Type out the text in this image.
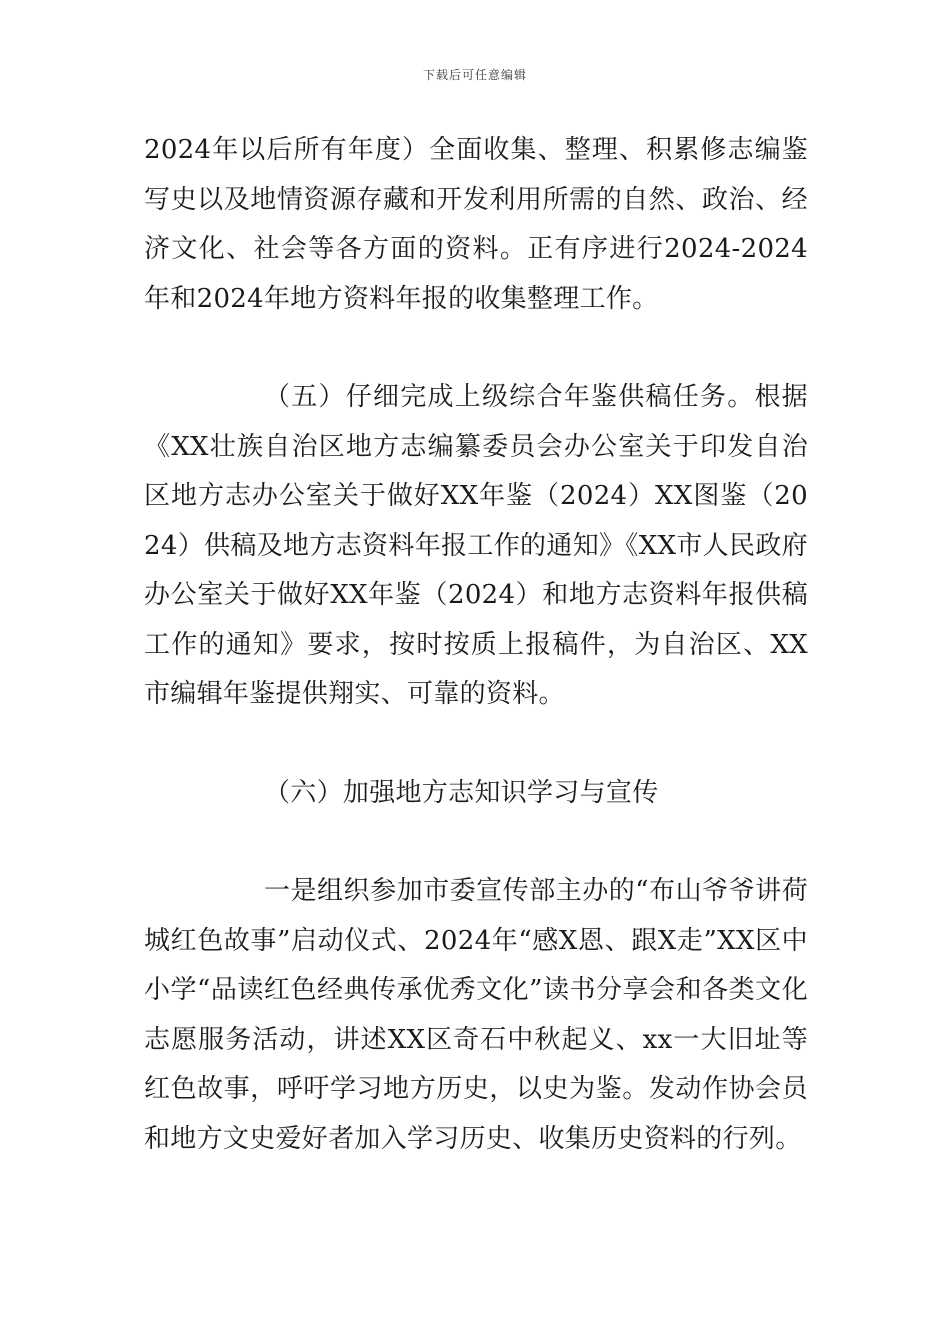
下载后可任意编辑

2024年以后所有年度）全面收集、整理、积累修志编鉴写史以及地情资源存藏和开发利用所需的自然、政治、经济文化、社会等各方面的资料。正有序进行2024-2024年和2024年地方资料年报的收集整理工作。

（五）仔细完成上级综合年鉴供稿任务。根据《XX壮族自治区地方志编纂委员会办公室关于印发自治区地方志办公室关于做好XX年鉴（2024）XX图鉴（2024）供稿及地方志资料年报工作的通知》《XX市人民政府办公室关于做好XX年鉴（2024）和地方志资料年报供稿工作的通知》要求，按时按质上报稿件，为自治区、XX市编辑年鉴提供翔实、可靠的资料。

（六）加强地方志知识学习与宣传

一是组织参加市委宣传部主办的“布山爷爷讲荷城红色故事”启动仪式、2024年“感X恩、跟X走”XX区中小学“品读红色经典传承优秀文化”读书分享会和各类文化志愿服务活动，讲述XX区奇石中秋起义、xx一大旧址等红色故事，呼吁学习地方历史，以史为鉴。发动作协会员和地方文史爱好者加入学习历史、收集历史资料的行列。
